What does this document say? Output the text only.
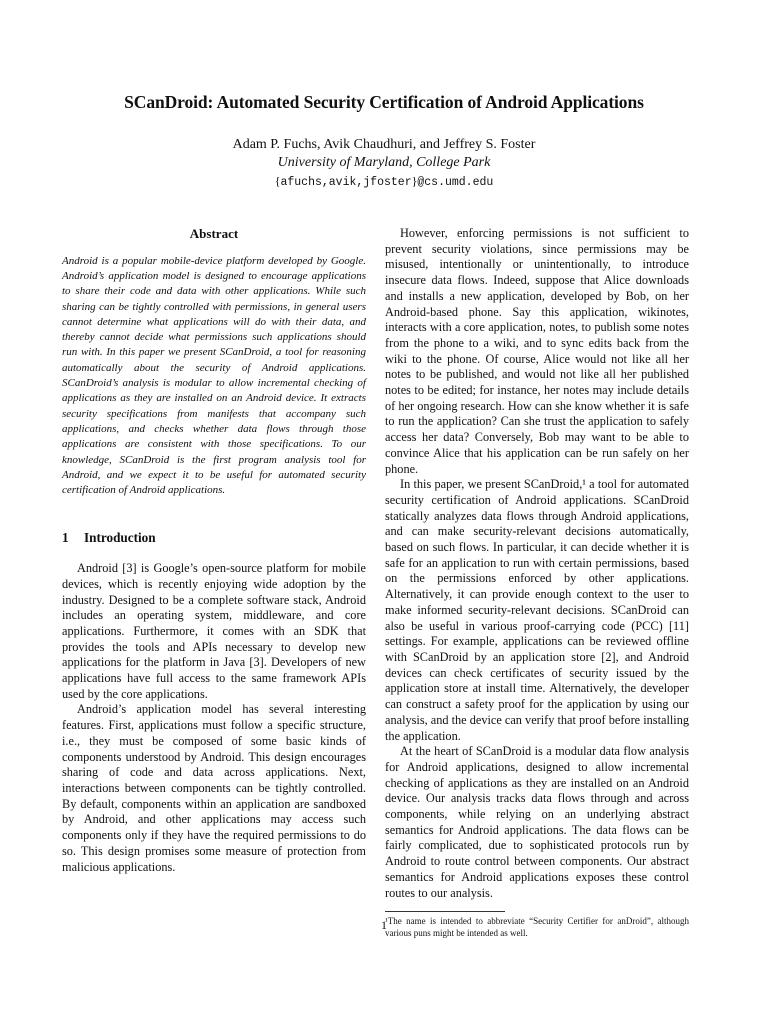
SCanDroid: Automated Security Certification of Android Applications
Adam P. Fuchs, Avik Chaudhuri, and Jeffrey S. Foster
University of Maryland, College Park
{afuchs,avik,jfoster}@cs.umd.edu
Abstract

Android is a popular mobile-device platform developed by Google. Android’s application model is designed to encourage applications to share their code and data with other applications. While such sharing can be tightly controlled with permissions, in general users cannot determine what applications will do with their data, and thereby cannot decide what permissions such applications should run with. In this paper we present SCanDroid, a tool for reasoning automatically about the security of Android applications. SCanDroid’s analysis is modular to allow incremental checking of applications as they are installed on an Android device. It extracts security specifications from manifests that accompany such applications, and checks whether data flows through those applications are consistent with those specifications. To our knowledge, SCanDroid is the first program analysis tool for Android, and we expect it to be useful for automated security certification of Android applications.

1 Introduction

Android [3] is Google’s open-source platform for mobile devices, which is recently enjoying wide adoption by the industry. Designed to be a complete software stack, Android includes an operating system, middleware, and core applications. Furthermore, it comes with an SDK that provides the tools and APIs necessary to develop new applications for the platform in Java [3]. Developers of new applications have full access to the same framework APIs used by the core applications.

Android’s application model has several interesting features. First, applications must follow a specific structure, i.e., they must be composed of some basic kinds of components understood by Android. This design encourages sharing of code and data across applications. Next, interactions between components can be tightly controlled. By default, components within an application are sandboxed by Android, and other applications may access such components only if they have the required permissions to do so. This design promises some measure of protection from malicious applications.

However, enforcing permissions is not sufficient to prevent security violations, since permissions may be misused, intentionally or unintentionally, to introduce insecure data flows. Indeed, suppose that Alice downloads and installs a new application, developed by Bob, on her Android-based phone. Say this application, wikinotes, interacts with a core application, notes, to publish some notes from the phone to a wiki, and to sync edits back from the wiki to the phone. Of course, Alice would not like all her notes to be published, and would not like all her published notes to be edited; for instance, her notes may include details of her ongoing research. How can she know whether it is safe to run the application? Can she trust the application to safely access her data? Conversely, Bob may want to be able to convince Alice that his application can be run safely on her phone.

In this paper, we present SCanDroid,¹ a tool for automated security certification of Android applications. SCanDroid statically analyzes data flows through Android applications, and can make security-relevant decisions automatically, based on such flows. In particular, it can decide whether it is safe for an application to run with certain permissions, based on the permissions enforced by other applications. Alternatively, it can provide enough context to the user to make informed security-relevant decisions. SCanDroid can also be useful in various proof-carrying code (PCC) [11] settings. For example, applications can be reviewed offline with SCanDroid by an application store [2], and Android devices can check certificates of security issued by the application store at install time. Alternatively, the developer can construct a safety proof for the application by using our analysis, and the device can verify that proof before installing the application.

At the heart of SCanDroid is a modular data flow analysis for Android applications, designed to allow incremental checking of applications as they are installed on an Android device. Our analysis tracks data flows through and across components, while relying on an underlying abstract semantics for Android applications. The data flows can be fairly complicated, due to sophisticated protocols run by Android to route control between components. Our abstract semantics for Android applications exposes these control routes to our analysis.

¹The name is intended to abbreviate “Security Certifier for anDroid”, although various puns might be intended as well.

1
